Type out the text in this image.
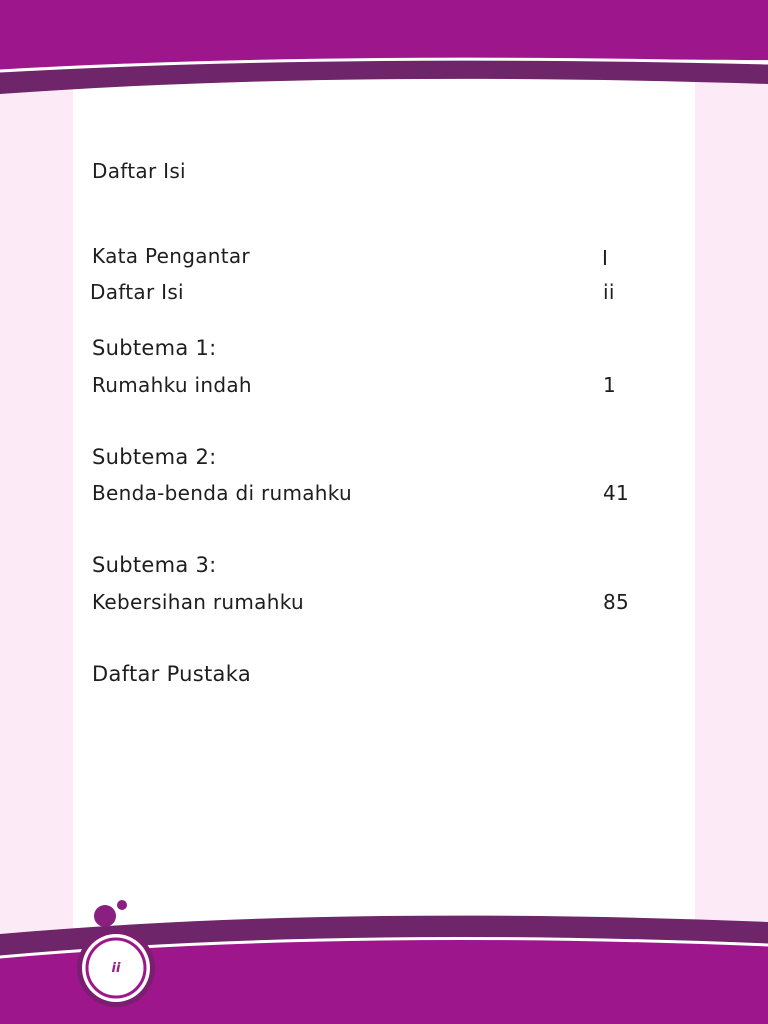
Daftar Isi
Kata Pengantar	I
Daftar Isi	ii
Subtema 1:
Rumahku indah	1
Subtema 2:
Benda-benda di rumahku	41
Subtema 3:
Kebersihan rumahku	85
Daftar Pustaka
ii
